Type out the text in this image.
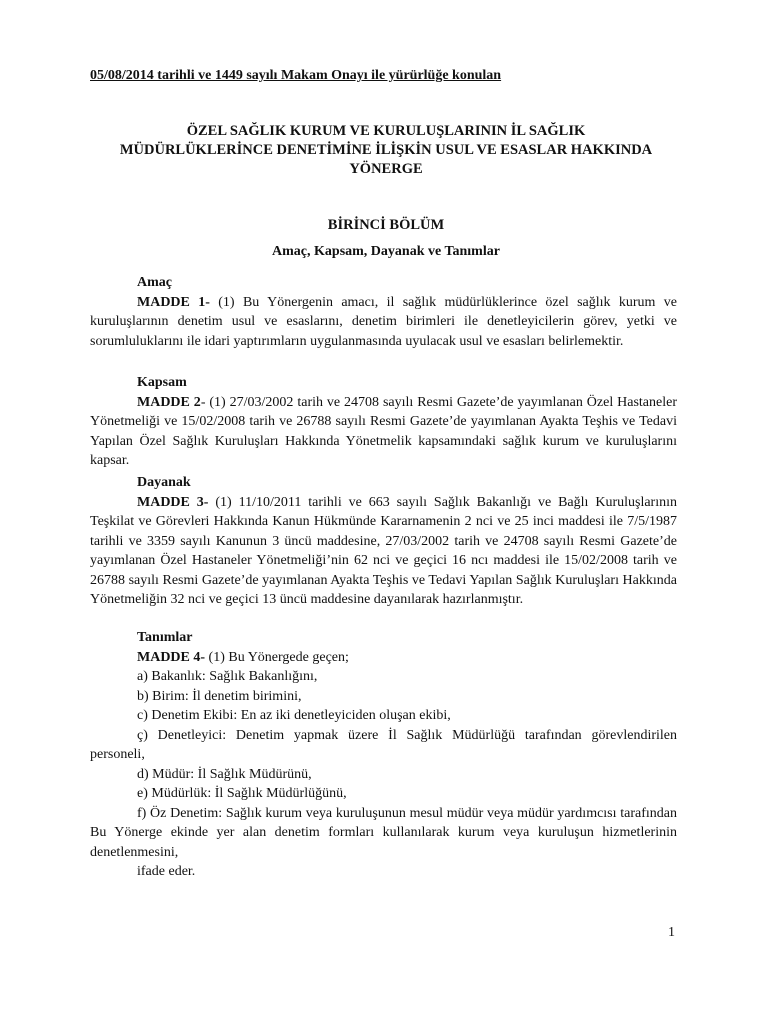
05/08/2014 tarihli ve 1449 sayılı Makam Onayı ile yürürlüğe konulan
ÖZEL SAĞLIK KURUM VE KURULUŞLARININ İL SAĞLIK
MÜDÜRLÜKLERİNCE DENETİMİNE İLİŞKİN USUL VE ESASLAR HAKKINDA
YÖNERGE
BİRİNCİ BÖLÜM
Amaç, Kapsam, Dayanak ve Tanımlar
Amaç

MADDE 1- (1) Bu Yönergenin amacı, il sağlık müdürlüklerince özel sağlık kurum ve kuruluşlarının denetim usul ve esaslarını, denetim birimleri ile denetleyicilerin görev, yetki ve sorumluluklarını ile idari yaptırımların uygulanmasında uyulacak usul ve esasları belirlemektir.

Kapsam

MADDE 2- (1) 27/03/2002 tarih ve 24708 sayılı Resmi Gazete’de yayımlanan Özel Hastaneler Yönetmeliği ve 15/02/2008 tarih ve 26788 sayılı Resmi Gazete’de yayımlanan Ayakta Teşhis ve Tedavi Yapılan Özel Sağlık Kuruluşları Hakkında Yönetmelik kapsamındaki sağlık kurum ve kuruluşlarını kapsar.

Dayanak

MADDE 3- (1) 11/10/2011 tarihli ve 663 sayılı Sağlık Bakanlığı ve Bağlı Kuruluşlarının Teşkilat ve Görevleri Hakkında Kanun Hükmünde Kararnamenin 2 nci ve 25 inci maddesi ile 7/5/1987 tarihli ve 3359 sayılı Kanunun 3 üncü maddesine, 27/03/2002 tarih ve 24708 sayılı Resmi Gazete’de yayımlanan Özel Hastaneler Yönetmeliği’nin 62 nci ve geçici 16 ncı maddesi ile 15/02/2008 tarih ve 26788 sayılı Resmi Gazete’de yayımlanan Ayakta Teşhis ve Tedavi Yapılan Sağlık Kuruluşları Hakkında Yönetmeliğin 32 nci ve geçici 13 üncü maddesine dayanılarak hazırlanmıştır.

Tanımlar

MADDE 4- (1) Bu Yönergede geçen;

a) Bakanlık: Sağlık Bakanlığını,
b) Birim: İl denetim birimini,
c) Denetim Ekibi: En az iki denetleyiciden oluşan ekibi,
ç) Denetleyici: Denetim yapmak üzere İl Sağlık Müdürlüğü tarafından görevlendirilen personeli,
d) Müdür: İl Sağlık Müdürünü,
e) Müdürlük: İl Sağlık Müdürlüğünü,
f) Öz Denetim: Sağlık kurum veya kuruluşunun mesul müdür veya müdür yardımcısı tarafından Bu Yönerge ekinde yer alan denetim formları kullanılarak kurum veya kuruluşun hizmetlerinin denetlenmesini,
ifade eder.
1
